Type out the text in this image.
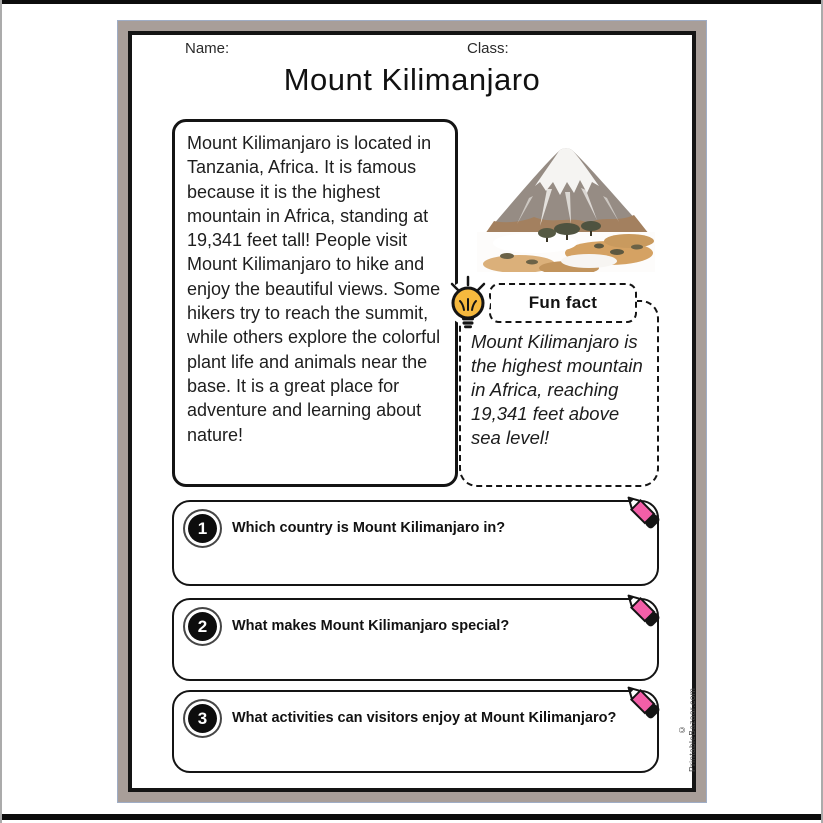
Name:	Class:
Mount Kilimanjaro
Mount Kilimanjaro is located in Tanzania, Africa. It is famous because it is the highest mountain in Africa, standing at 19,341 feet tall! People visit Mount Kilimanjaro to hike and enjoy the beautiful views. Some hikers try to reach the summit, while others explore the colorful plant life and animals near the base. It is a great place for adventure and learning about nature!
Fun fact
Mount Kilimanjaro is the highest mountain in Africa, reaching 19,341 feet above sea level!
1	Which country is Mount Kilimanjaro in?
2	What makes Mount Kilimanjaro special?
3	What activities can visitors enjoy at Mount Kilimanjaro?
© PrintableBazaar.com
